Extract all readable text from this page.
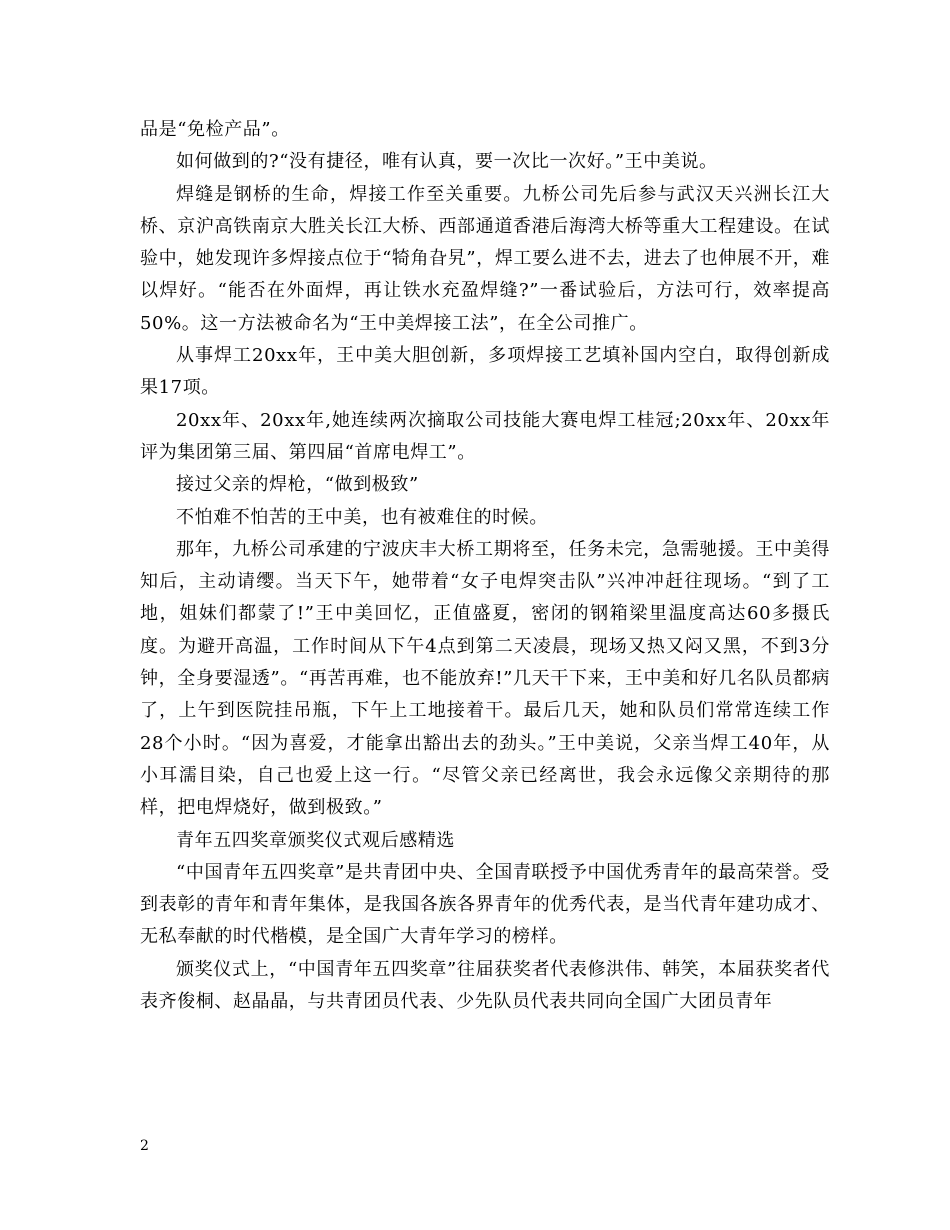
品是“免检产品”。

如何做到的?“没有捷径，唯有认真，要一次比一次好。”王中美说。

焊缝是钢桥的生命，焊接工作至关重要。九桥公司先后参与武汉天兴洲长江大桥、京沪高铁南京大胜关长江大桥、西部通道香港后海湾大桥等重大工程建设。在试验中，她发现许多焊接点位于“犄角旮旯”，焊工要么进不去，进去了也伸展不开，难以焊好。“能否在外面焊，再让铁水充盈焊缝?”一番试验后，方法可行，效率提高50%。这一方法被命名为“王中美焊接工法”，在全公司推广。

从事焊工20xx年，王中美大胆创新，多项焊接工艺填补国内空白，取得创新成果17项。

20xx年、20xx年,她连续两次摘取公司技能大赛电焊工桂冠;20xx年、20xx年评为集团第三届、第四届“首席电焊工”。

接过父亲的焊枪，“做到极致”

不怕难不怕苦的王中美，也有被难住的时候。

那年，九桥公司承建的宁波庆丰大桥工期将至，任务未完，急需驰援。王中美得知后，主动请缨。当天下午，她带着“女子电焊突击队”兴冲冲赶往现场。“到了工地，姐妹们都蒙了!”王中美回忆，正值盛夏，密闭的钢箱梁里温度高达60多摄氏度。为避开高温，工作时间从下午4点到第二天凌晨，现场又热又闷又黑，不到3分钟，全身要湿透”。“再苦再难，也不能放弃!”几天干下来，王中美和好几名队员都病了，上午到医院挂吊瓶，下午上工地接着干。最后几天，她和队员们常常连续工作28个小时。“因为喜爱，才能拿出豁出去的劲头。”王中美说，父亲当焊工40年，从小耳濡目染，自己也爱上这一行。“尽管父亲已经离世，我会永远像父亲期待的那样，把电焊烧好，做到极致。”

青年五四奖章颁奖仪式观后感精选

“中国青年五四奖章”是共青团中央、全国青联授予中国优秀青年的最高荣誉。受到表彰的青年和青年集体，是我国各族各界青年的优秀代表，是当代青年建功成才、无私奉献的时代楷模，是全国广大青年学习的榜样。

颁奖仪式上，“中国青年五四奖章”往届获奖者代表修洪伟、韩笑，本届获奖者代表齐俊桐、赵晶晶，与共青团员代表、少先队员代表共同向全国广大团员青年

2
